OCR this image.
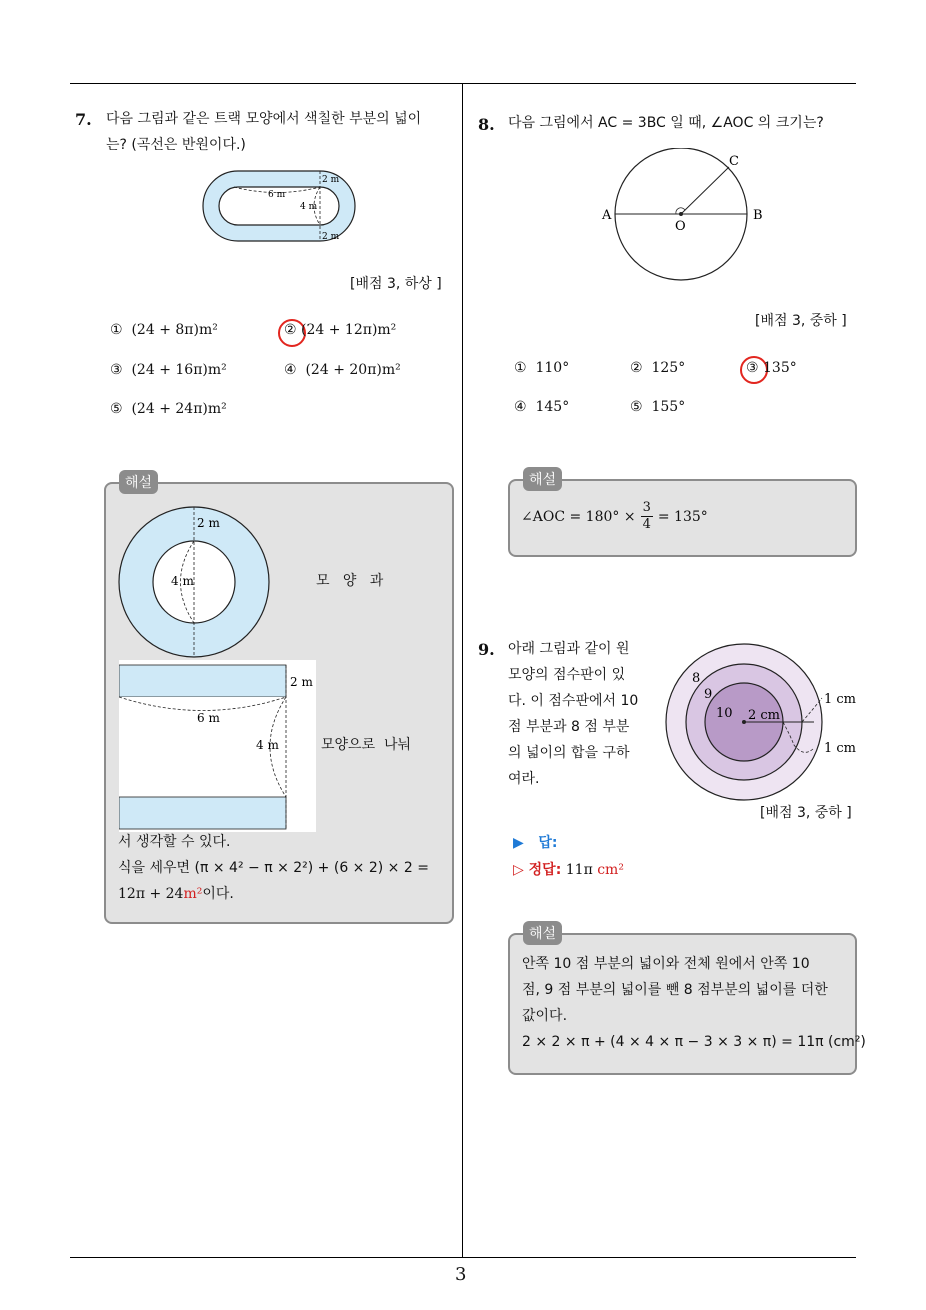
3
7. 다음 그림과 같은 트랙 모양에서 색칠한 부분의 넓이
는? (곡선은 반원이다.)
6 m
2 m
4 m
2 m
[배점 3, 하상 ]
① (24 + 8π)m²	② (24 + 12π)m²
③ (24 + 16π)m²	④ (24 + 20π)m²
⑤ (24 + 24π)m²
해설
2 m
4 m	모   양   과
2 m
6 m
4 m	모양으로  나눠
서 생각할 수 있다.
식을 세우면 (π × 4² − π × 2²) + (6 × 2) × 2 =
12π + 24m²이다.
8. 다음 그림에서 AC = 3BC 일 때, ∠AOC 의 크기는?
A	B
C
O
[배점 3, 중하 ]
① 110°	② 125°	③ 135°
④ 145°	⑤ 155°
해설
∠AOC = $180^\circ \times \frac{3}{4} = 135^\circ$
9. 아래 그림과 같이 원
모양의 점수판이 있
다. 이 점수판에서 10
점 부분과 8 점 부분
의 넓이의 합을 구하
여라.
8
9
10 2 cm
1 cm
1 cm
[배점 3, 중하 ]
▶   답:
▷ 정답: 11π cm²
해설
안쪽 10 점 부분의 넓이와 전체 원에서 안쪽 10
점, 9 점 부분의 넓이를 뺀 8 점부분의 넓이를 더한
값이다.
2 × 2 × π + (4 × 4 × π − 3 × 3 × π) = 11π (cm²)
